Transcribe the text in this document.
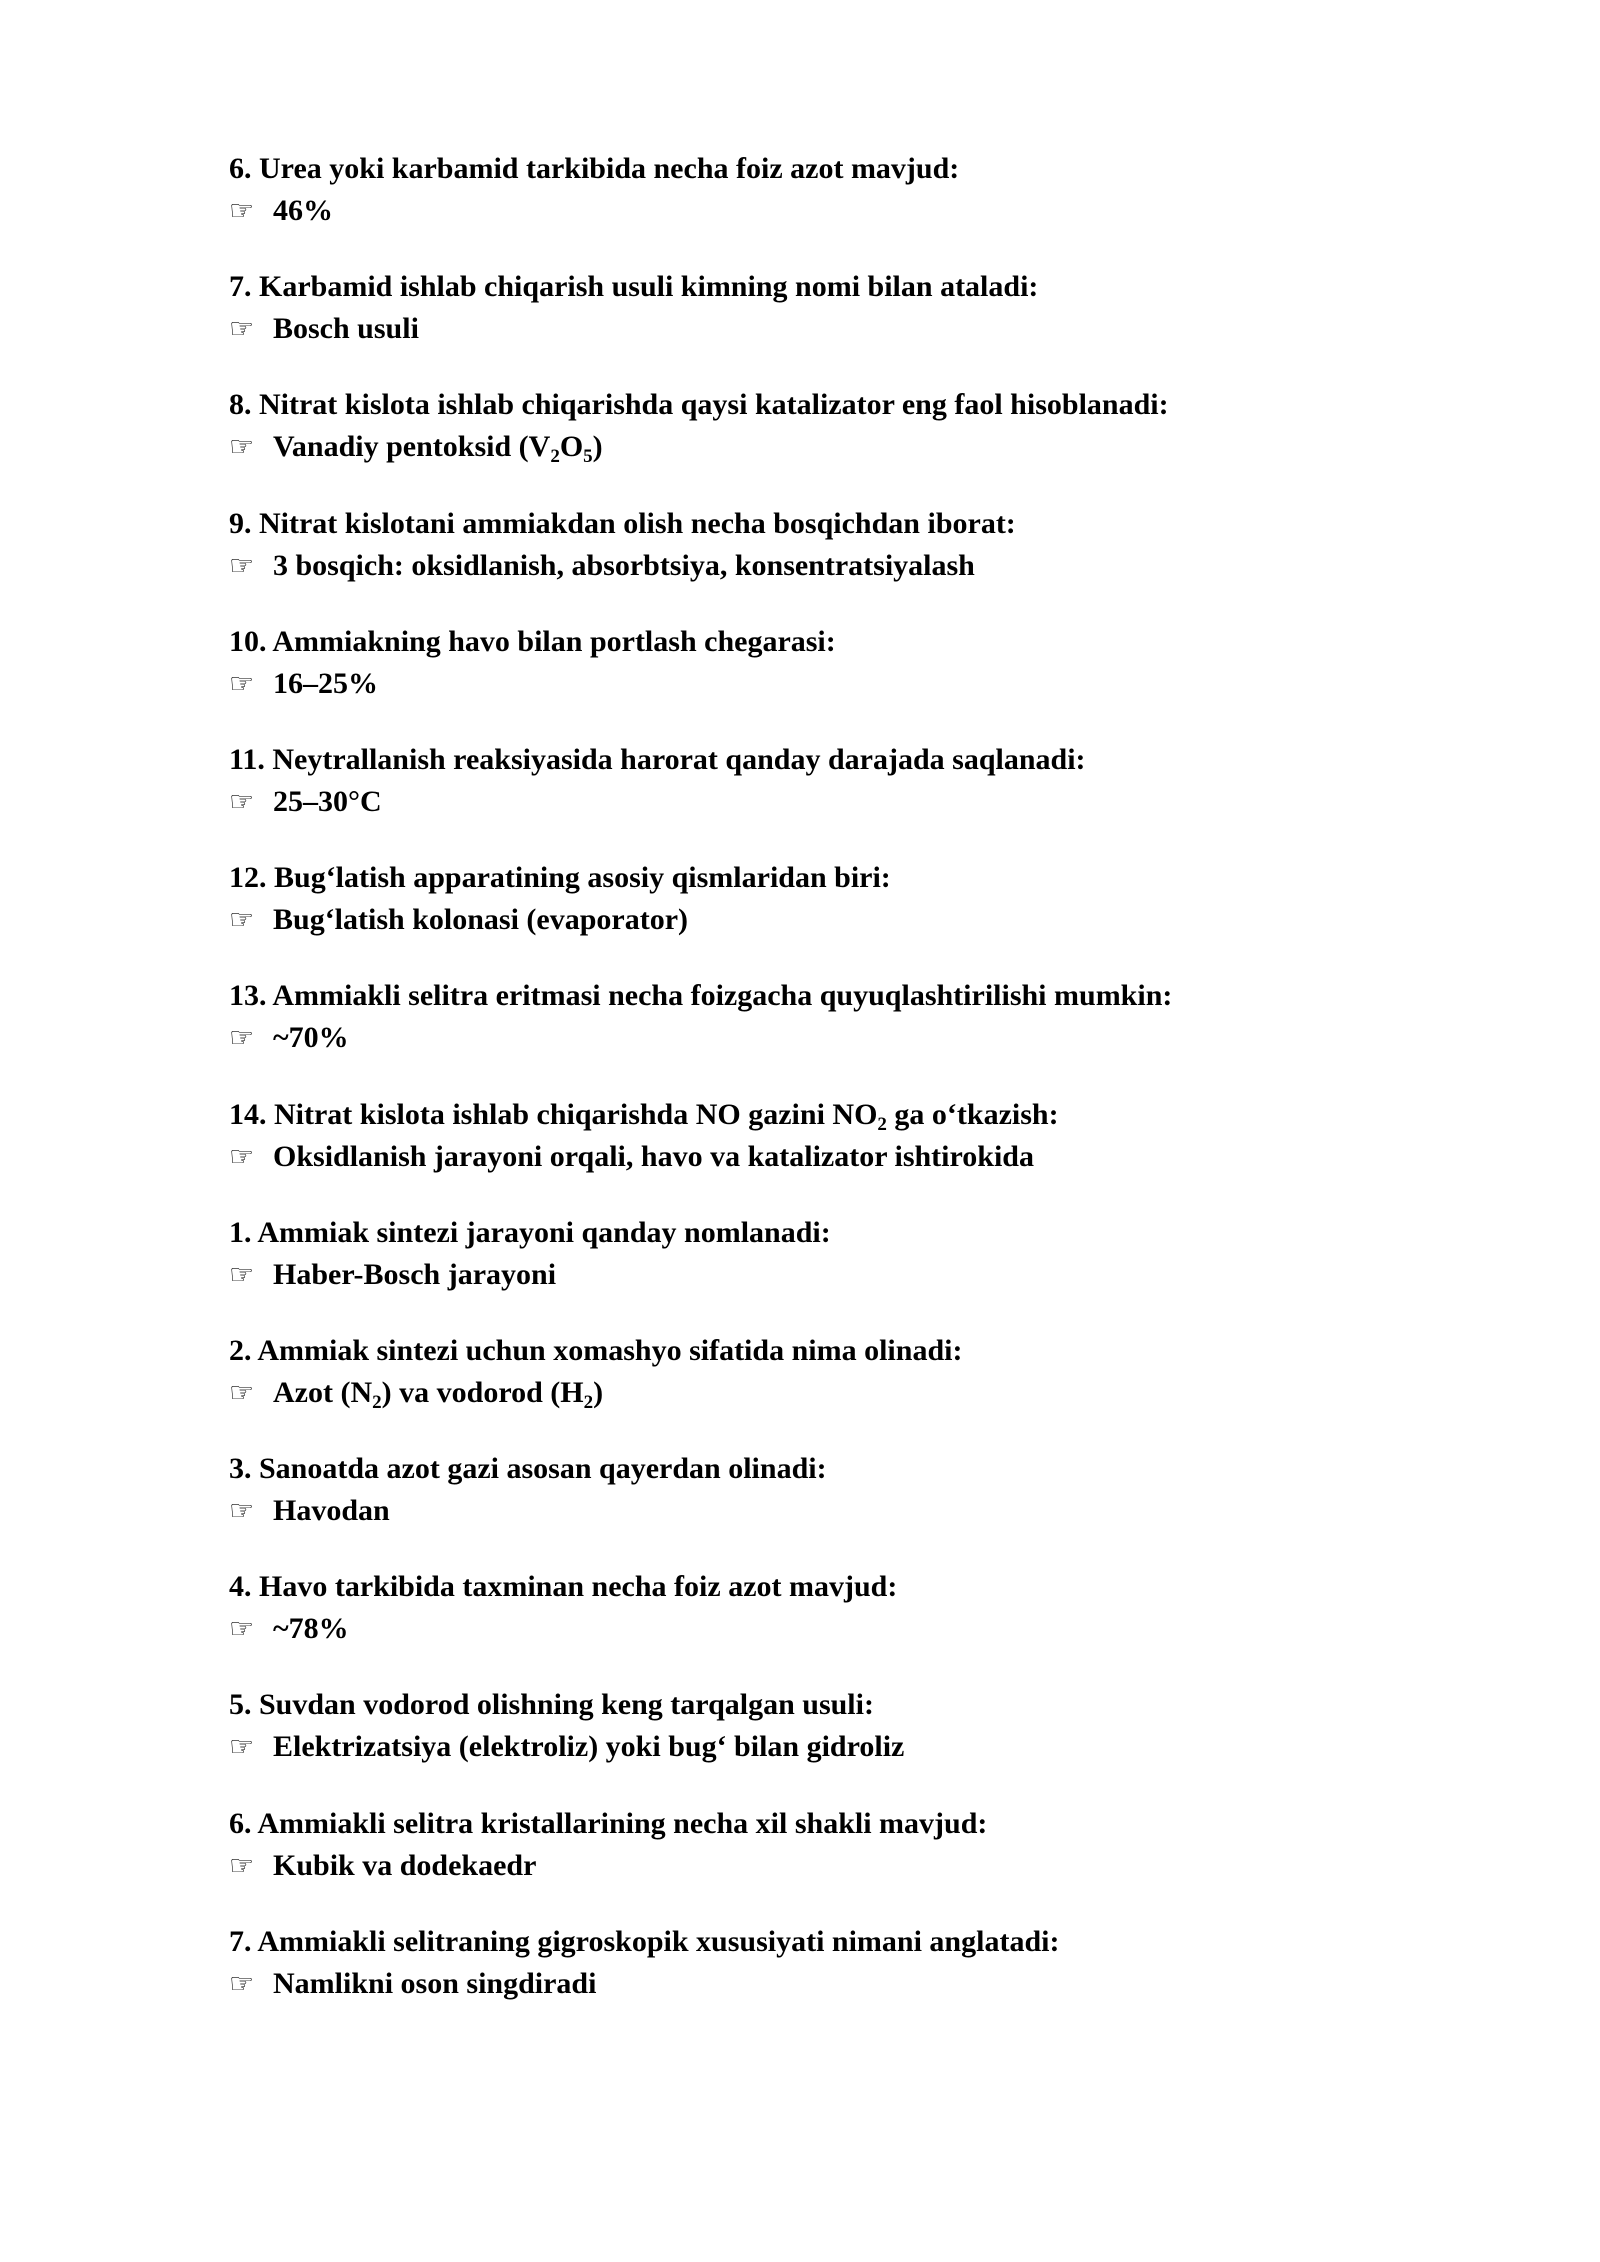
6. Urea yoki karbamid tarkibida necha foiz azot mavjud:
☞ 46%
7. Karbamid ishlab chiqarish usuli kimning nomi bilan ataladi:
☞ Bosch usuli
8. Nitrat kislota ishlab chiqarishda qaysi katalizator eng faol hisoblanadi:
☞ Vanadiy pentoksid $(V_2O_5)$
9. Nitrat kislotani ammiakdan olish necha bosqichdan iborat:
☞ 3 bosqich: oksidlanish, absorbtsiya, konsentratsiyalash
10. Ammiakning havo bilan portlash chegarasi:
☞ 16–25%
11. Neytrallanish reaksiyasida harorat qanday darajada saqlanadi:
☞ 25–30°C
12. Bug‘latish apparatining asosiy qismlaridan biri:
☞ Bug‘latish kolonasi (evaporator)
13. Ammiakli selitra eritmasi necha foizgacha quyuqlashtirilishi mumkin:
☞ ~70%
14. Nitrat kislota ishlab chiqarishda NO gazini $NO_2$ ga o‘tkazish:
☞ Oksidlanish jarayoni orqali, havo va katalizator ishtirokida
1. Ammiak sintezi jarayoni qanday nomlanadi:
☞ Haber-Bosch jarayoni
2. Ammiak sintezi uchun xomashyo sifatida nima olinadi:
☞ Azot $(N_2)$ va vodorod $(H_2)$
3. Sanoatda azot gazi asosan qayerdan olinadi:
☞ Havodan
4. Havo tarkibida taxminan necha foiz azot mavjud:
☞ ~78%
5. Suvdan vodorod olishning keng tarqalgan usuli:
☞ Elektrizatsiya (elektroliz) yoki bug‘ bilan gidroliz
6. Ammiakli selitra kristallarining necha xil shakli mavjud:
☞ Kubik va dodekaedr
7. Ammiakli selitraning gigroskopik xususiyati nimani anglatadi:
☞ Namlikni oson singdiradi
